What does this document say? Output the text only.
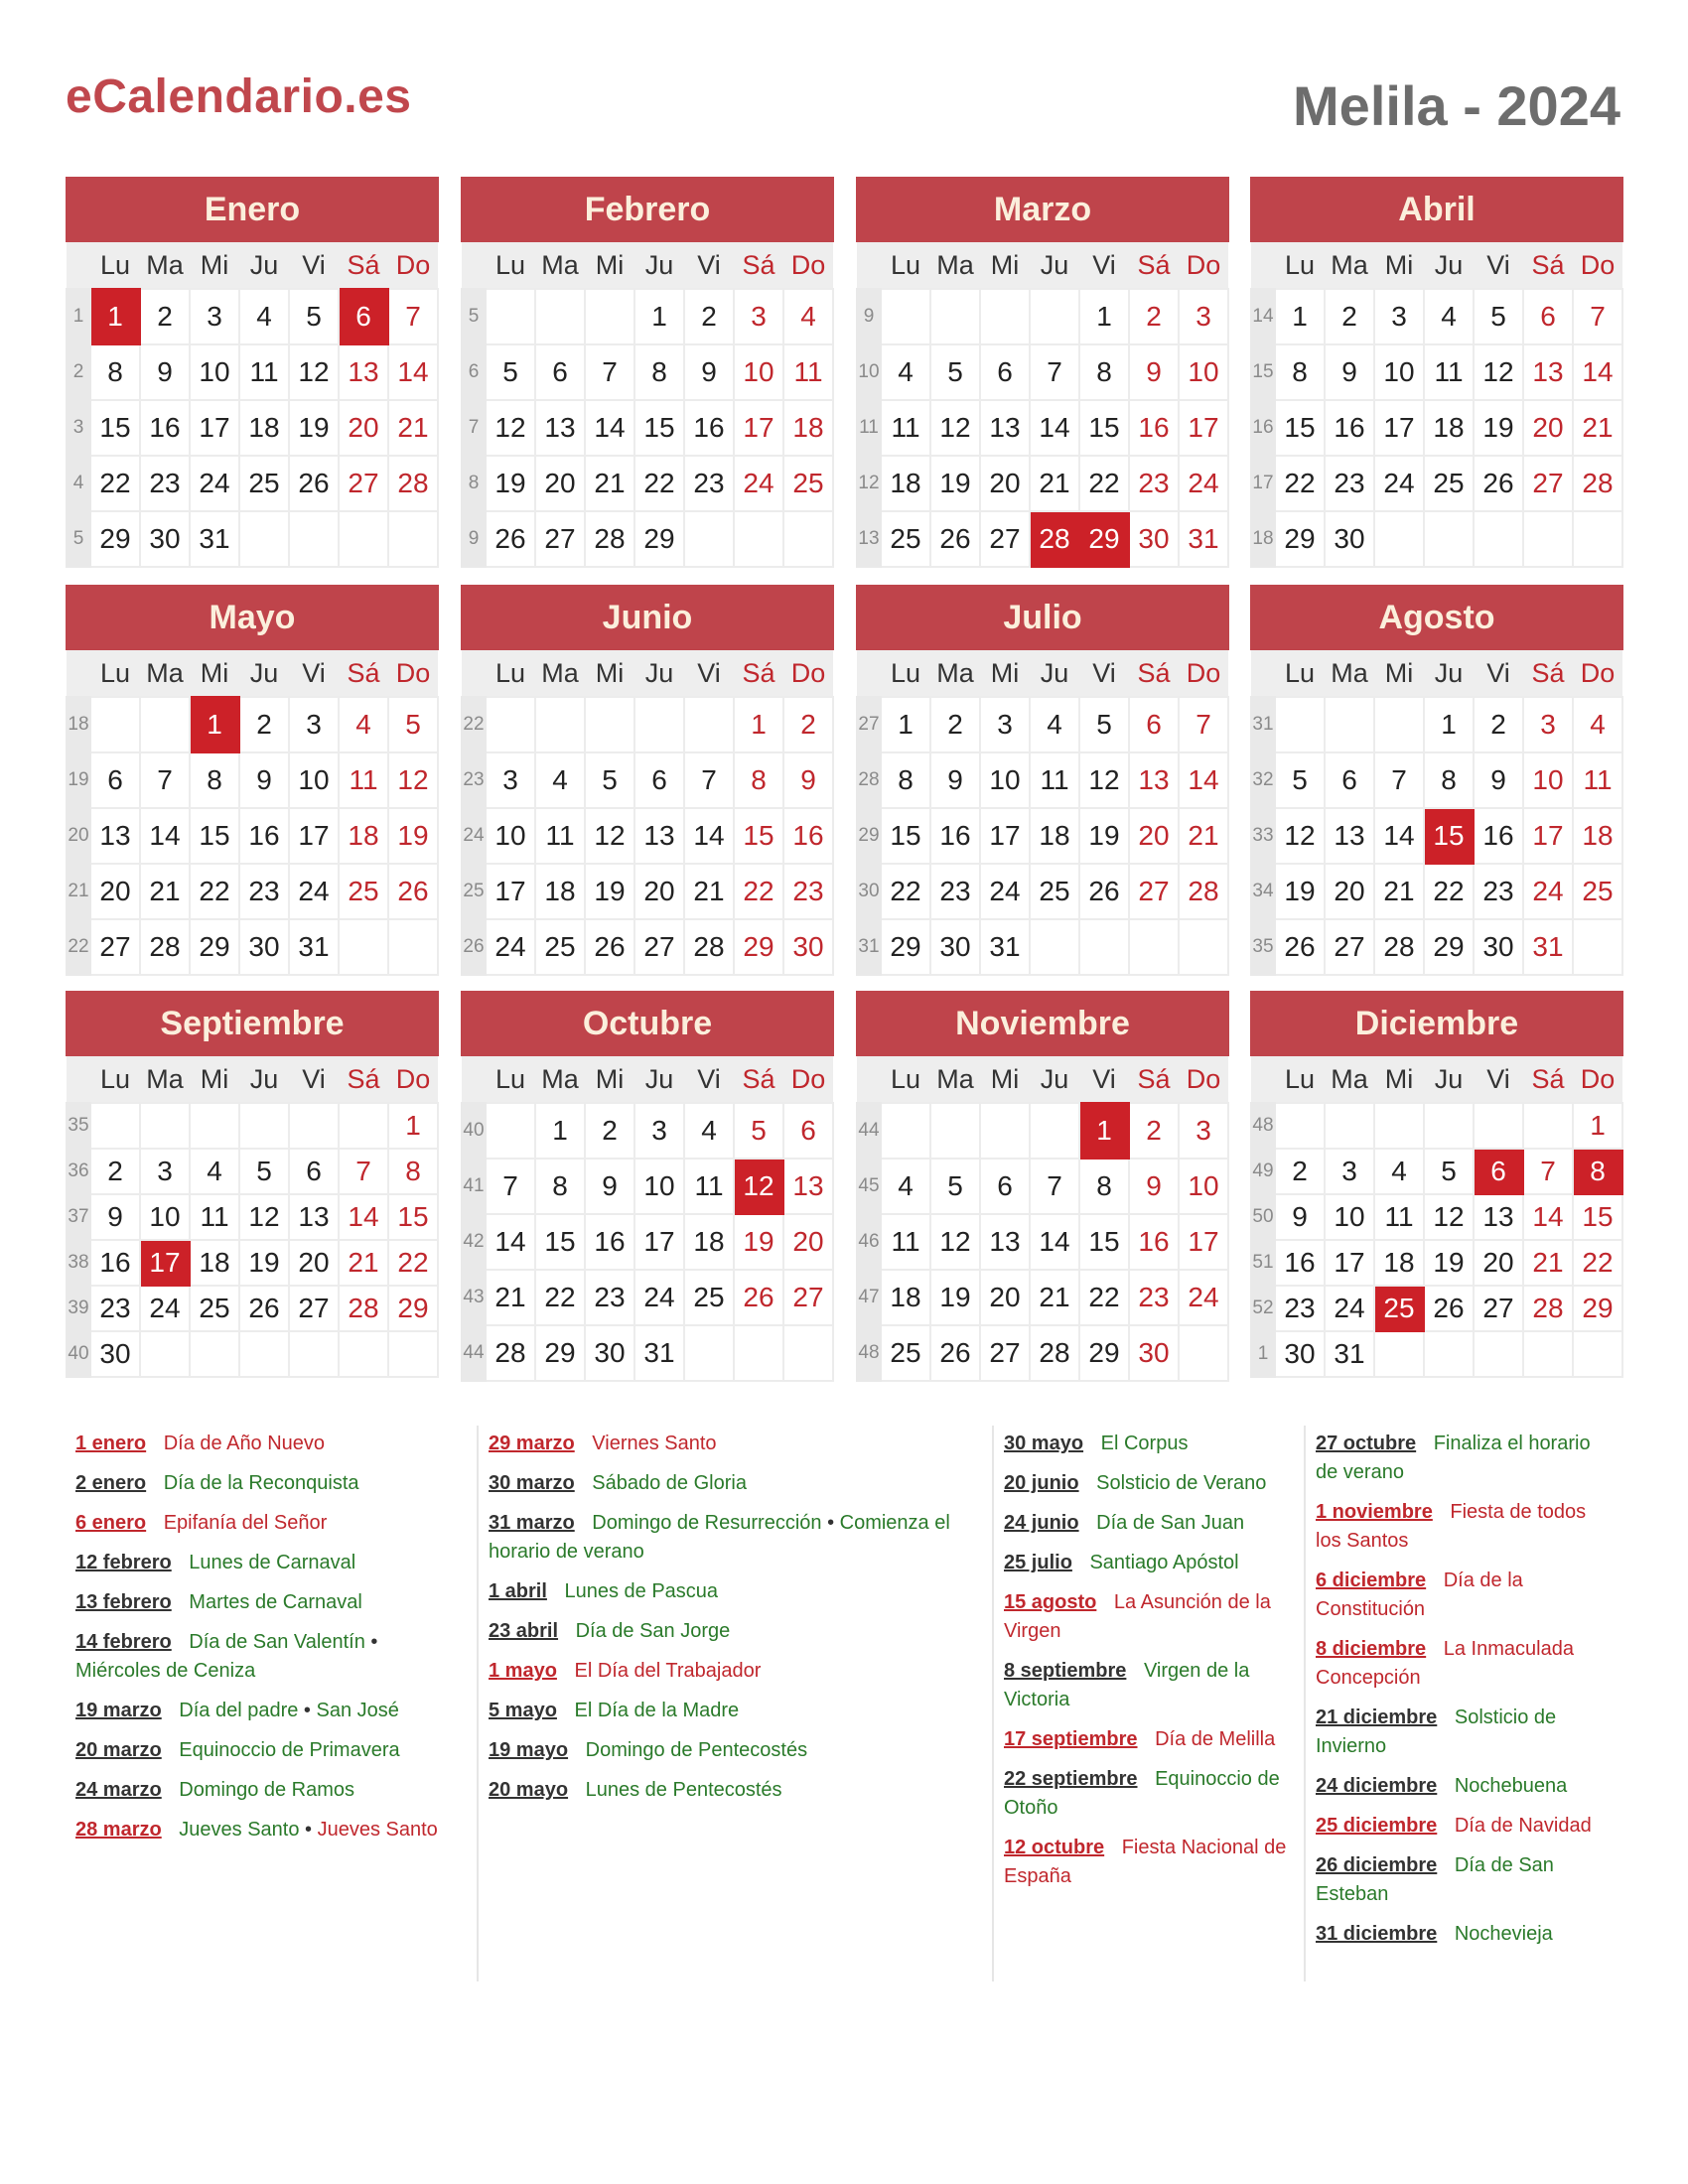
eCalendario.es	Melila - 2024
Enero
	Lu	Ma	Mi	Ju	Vi	Sá	Do
1	1	2	3	4	5	6	7
2	8	9	10	11	12	13	14
3	15	16	17	18	19	20	21
4	22	23	24	25	26	27	28
5	29	30	31				
Febrero
	Lu	Ma	Mi	Ju	Vi	Sá	Do
5				1	2	3	4
6	5	6	7	8	9	10	11
7	12	13	14	15	16	17	18
8	19	20	21	22	23	24	25
9	26	27	28	29			
Marzo
	Lu	Ma	Mi	Ju	Vi	Sá	Do
9					1	2	3
10	4	5	6	7	8	9	10
11	11	12	13	14	15	16	17
12	18	19	20	21	22	23	24
13	25	26	27	28	29	30	31
Abril
	Lu	Ma	Mi	Ju	Vi	Sá	Do
14	1	2	3	4	5	6	7
15	8	9	10	11	12	13	14
16	15	16	17	18	19	20	21
17	22	23	24	25	26	27	28
18	29	30					
Mayo
	Lu	Ma	Mi	Ju	Vi	Sá	Do
18			1	2	3	4	5
19	6	7	8	9	10	11	12
20	13	14	15	16	17	18	19
21	20	21	22	23	24	25	26
22	27	28	29	30	31		
Junio
	Lu	Ma	Mi	Ju	Vi	Sá	Do
22						1	2
23	3	4	5	6	7	8	9
24	10	11	12	13	14	15	16
25	17	18	19	20	21	22	23
26	24	25	26	27	28	29	30
Julio
	Lu	Ma	Mi	Ju	Vi	Sá	Do
27	1	2	3	4	5	6	7
28	8	9	10	11	12	13	14
29	15	16	17	18	19	20	21
30	22	23	24	25	26	27	28
31	29	30	31				
Agosto
	Lu	Ma	Mi	Ju	Vi	Sá	Do
31				1	2	3	4
32	5	6	7	8	9	10	11
33	12	13	14	15	16	17	18
34	19	20	21	22	23	24	25
35	26	27	28	29	30	31	
Septiembre
	Lu	Ma	Mi	Ju	Vi	Sá	Do
35							1
36	2	3	4	5	6	7	8
37	9	10	11	12	13	14	15
38	16	17	18	19	20	21	22
39	23	24	25	26	27	28	29
40	30						
Octubre
	Lu	Ma	Mi	Ju	Vi	Sá	Do
40		1	2	3	4	5	6
41	7	8	9	10	11	12	13
42	14	15	16	17	18	19	20
43	21	22	23	24	25	26	27
44	28	29	30	31			
Noviembre
	Lu	Ma	Mi	Ju	Vi	Sá	Do
44					1	2	3
45	4	5	6	7	8	9	10
46	11	12	13	14	15	16	17
47	18	19	20	21	22	23	24
48	25	26	27	28	29	30	
Diciembre
	Lu	Ma	Mi	Ju	Vi	Sá	Do
48							1
49	2	3	4	5	6	7	8
50	9	10	11	12	13	14	15
51	16	17	18	19	20	21	22
52	23	24	25	26	27	28	29
1	30	31					
1 enero Día de Año Nuevo
2 enero Día de la Reconquista
6 enero Epifanía del Señor
12 febrero Lunes de Carnaval
13 febrero Martes de Carnaval
14 febrero Día de San Valentín • Miércoles de Ceniza
19 marzo Día del padre • San José
20 marzo Equinoccio de Primavera
24 marzo Domingo de Ramos
28 marzo Jueves Santo • Jueves Santo
29 marzo Viernes Santo
30 marzo Sábado de Gloria
31 marzo Domingo de Resurrección • Comienza el horario de verano
1 abril Lunes de Pascua
23 abril Día de San Jorge
1 mayo El Día del Trabajador
5 mayo El Día de la Madre
19 mayo Domingo de Pentecostés
20 mayo Lunes de Pentecostés
30 mayo El Corpus
20 junio Solsticio de Verano
24 junio Día de San Juan
25 julio Santiago Apóstol
15 agosto La Asunción de la Virgen
8 septiembre Virgen de la Victoria
17 septiembre Día de Melilla
22 septiembre Equinoccio de Otoño
12 octubre Fiesta Nacional de España
27 octubre Finaliza el horario de verano
1 noviembre Fiesta de todos los Santos
6 diciembre Día de la Constitución
8 diciembre La Inmaculada Concepción
21 diciembre Solsticio de Invierno
24 diciembre Nochebuena
25 diciembre Día de Navidad
26 diciembre Día de San Esteban
31 diciembre Nochevieja
